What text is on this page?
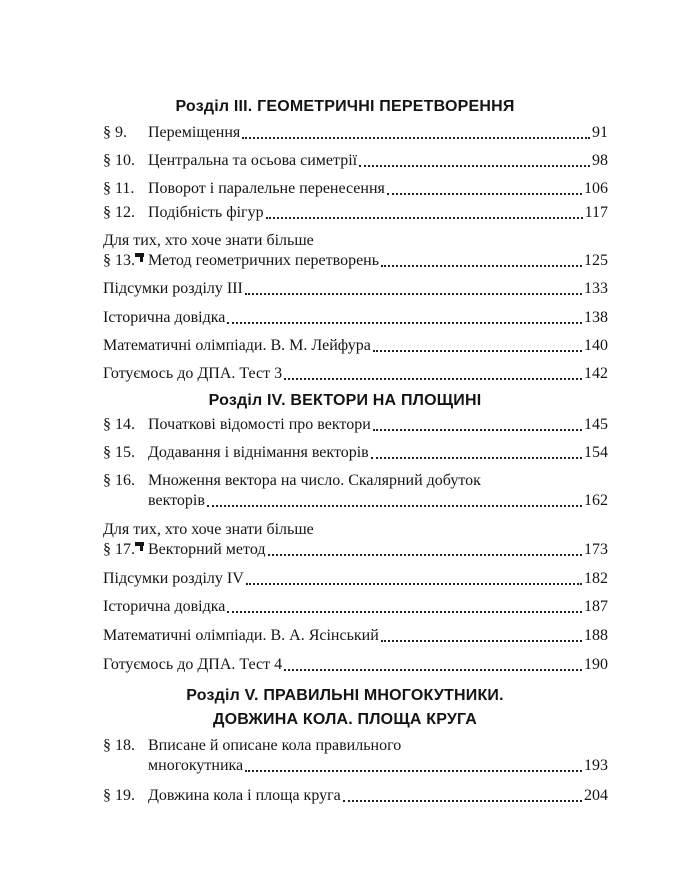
Розділ III. ГЕОМЕТРИЧНІ ПЕРЕТВОРЕННЯ
§ 9.	Переміщення	91
§ 10. Центральна та осьова симетрії	98
§ 11. Поворот і паралельне перенесення	106
§ 12. Подібність фігур	117
Для тих, хто хоче знати більше
§ 13. Метод геометричних перетворень	125
Підсумки розділу III	133
Історична довідка	138
Математичні олімпіади. В. М. Лейфура	140
Готуємось до ДПА. Тест 3	142
Розділ IV. ВЕКТОРИ НА ПЛОЩИНІ
§ 14. Початкові відомості про вектори	145
§ 15. Додавання і віднімання векторів	154
§ 16. Множення вектора на число. Скалярний добуток
векторів	162
Для тих, хто хоче знати більше
§ 17. Векторний метод	173
Підсумки розділу IV	182
Історична довідка	187
Математичні олімпіади. В. А. Ясінський	188
Готуємось до ДПА. Тест 4	190
Розділ V. ПРАВИЛЬНІ МНОГОКУТНИКИ.
ДОВЖИНА КОЛА. ПЛОЩА КРУГА
§ 18. Вписане й описане кола правильного
многокутника	193
§ 19. Довжина кола і площа круга	204
